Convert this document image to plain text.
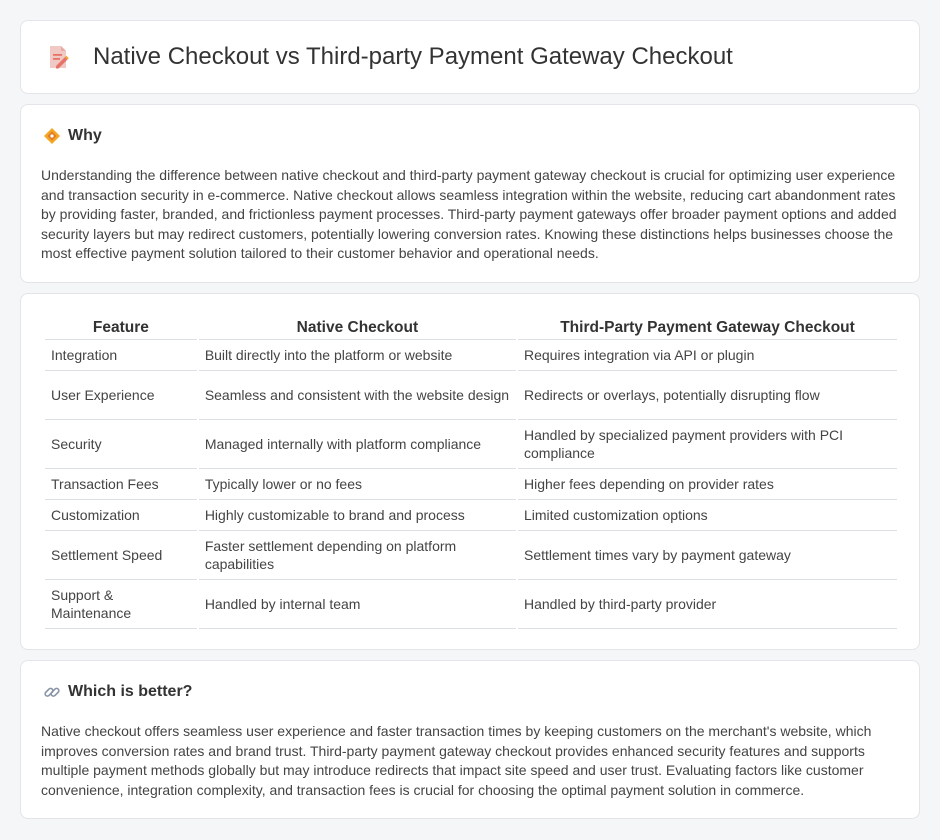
Native Checkout vs Third-party Payment Gateway Checkout
Why

Understanding the difference between native checkout and third-party payment gateway checkout is crucial for optimizing user experience and transaction security in e-commerce. Native checkout allows seamless integration within the website, reducing cart abandonment rates by providing faster, branded, and frictionless payment processes. Third-party payment gateways offer broader payment options and added security layers but may redirect customers, potentially lowering conversion rates. Knowing these distinctions helps businesses choose the most effective payment solution tailored to their customer behavior and operational needs.

Feature	Native Checkout	Third-Party Payment Gateway Checkout
Integration	Built directly into the platform or website	Requires integration via API or plugin
User Experience	Seamless and consistent with the website design	Redirects or overlays, potentially disrupting flow
Security	Managed internally with platform compliance	Handled by specialized payment providers with PCI compliance
Transaction Fees	Typically lower or no fees	Higher fees depending on provider rates
Customization	Highly customizable to brand and process	Limited customization options
Settlement Speed	Faster settlement depending on platform capabilities	Settlement times vary by payment gateway
Support & Maintenance	Handled by internal team	Handled by third-party provider
Which is better?

Native checkout offers seamless user experience and faster transaction times by keeping customers on the merchant's website, which improves conversion rates and brand trust. Third-party payment gateway checkout provides enhanced security features and supports multiple payment methods globally but may introduce redirects that impact site speed and user trust. Evaluating factors like customer convenience, integration complexity, and transaction fees is crucial for choosing the optimal payment solution in commerce.
